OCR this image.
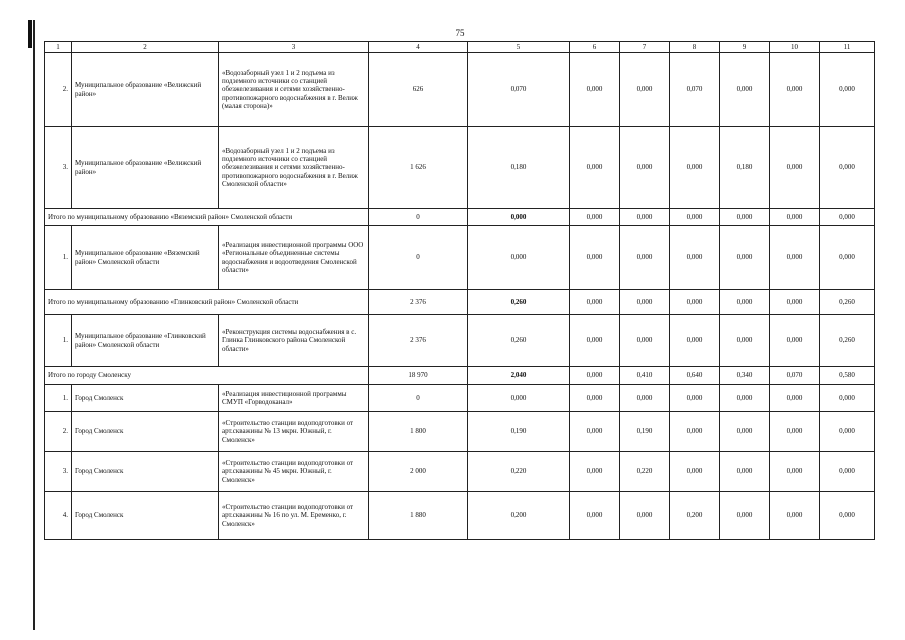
75
1	2	3	4	5	6	7	8	9	10	11
2.	Муниципальное образование «Велижский район»	«Водозаборный узел 1 и 2 подъема из подземного источники со станцией обезжелезивания и сетями хозяйственно-противопожарного водоснабжения в г. Велиж (малая сторона)»	626	0,070	0,000	0,000	0,070	0,000	0,000	0,000
3.	Муниципальное образование «Велижский район»	«Водозаборный узел 1 и 2 подъема из подземного источники со станцией обезжелезивания и сетями хозяйственно-противопожарного водоснабжения в г. Велиж Смоленской области»	1 626	0,180	0,000	0,000	0,000	0,180	0,000	0,000
Итого по муниципальному образованию «Вяземский район» Смоленской области			0	0,000	0,000	0,000	0,000	0,000	0,000	0,000
1.	Муниципальное образование «Вяземский район» Смоленской области	«Реализация инвестиционной программы ООО «Региональные объединенные системы водоснабжения и водоотведения Смоленской области»	0	0,000	0,000	0,000	0,000	0,000	0,000	0,000
Итого по муниципальному образованию «Глинковский район» Смоленской области			2 376	0,260	0,000	0,000	0,000	0,000	0,000	0,260
1.	Муниципальное образование «Глинковский район» Смоленской области	«Реконструкция системы водоснабжения в с. Глинка Глинковского района Смоленской области»	2 376	0,260	0,000	0,000	0,000	0,000	0,000	0,260
Итого по городу Смоленску			18 970	2,040	0,000	0,410	0,640	0,340	0,070	0,580
1.	Город Смоленск	«Реализация инвестиционной программы СМУП «Горводоканал»	0	0,000	0,000	0,000	0,000	0,000	0,000	0,000
2.	Город Смоленск	«Строительство станции водоподготовки от арт.скважины № 13 мкрн. Южный, г. Смоленск»	1 800	0,190	0,000	0,190	0,000	0,000	0,000	0,000
3.	Город Смоленск	«Строительство станции водоподготовки от арт.скважины № 45 мкрн. Южный, г. Смоленск»	2 000	0,220	0,000	0,220	0,000	0,000	0,000	0,000
4.	Город Смоленск	«Строительство станции водоподготовки от арт.скважины № 16 по ул. М. Еременко, г. Смоленск»	1 880	0,200	0,000	0,000	0,200	0,000	0,000	0,000
